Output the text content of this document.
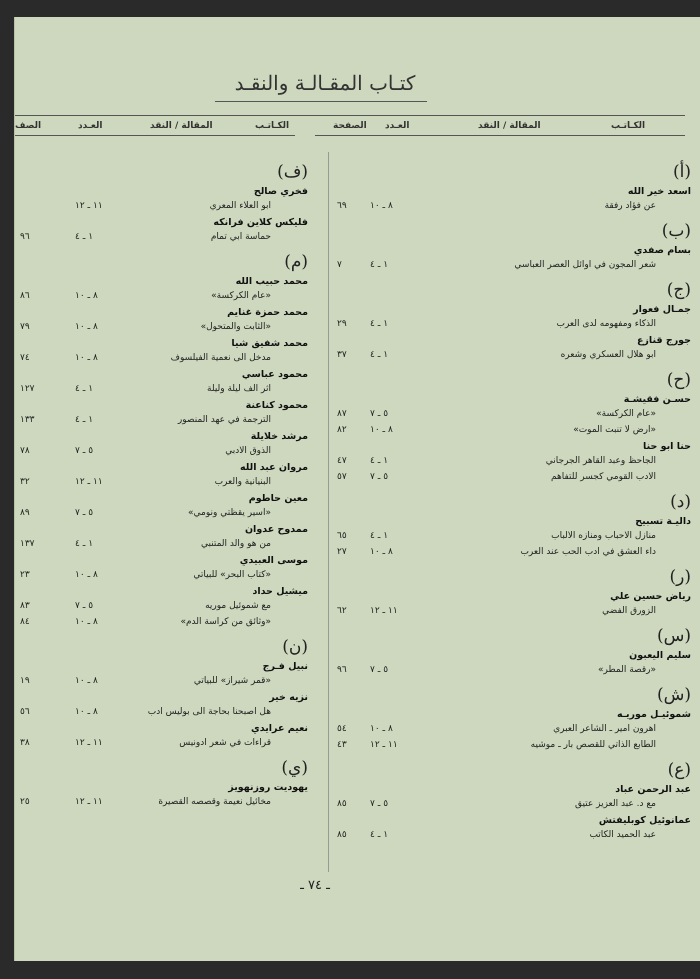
كتـاب المقـالـة والنقـد
الكـاتـب
المقالة / النقد
العـدد
الصفحة
الكـاتـب
المقالة / النقد
العـدد
الصف
(أ)
اسعد خير الله
عن فؤاد رفقة
٨ ـ ١٠
٦٩
(ب)
بسام صفدي
شعر المجون في اوائل العصر العباسي
١ ـ ٤
٧
(ج)
جمـال فعوار
الذكاء ومفهومه لدى العرب
١ ـ ٤
٢٩
جورج قنازع
ابو هلال العسكري وشعره
١ ـ ٤
٣٧
(ح)
حسـن فقيشـة
«عام الكركسة»
٥ ـ ٧
٨٧
«ارض لا تنبت الموت»
٨ ـ ١٠
٨٢
حنا ابو حنا
الجاحظ وعبد القاهر الجرجاني
١ ـ ٤
٤٧
الادب القومي كجسر للتفاهم
٥ ـ ٧
٥٧
(د)
داليـة تسبيح
منازل الاحباب ومنازه الالباب
١ ـ ٤
٦٥
داء العشق في ادب الحب عند العرب
٨ ـ ١٠
٢٧
(ر)
رياض حسين علي
الزورق الفضي
١١ ـ ١٢
٦٢
(س)
سليم اليعبون
«رقصة المطر»
٥ ـ ٧
٩٦
(ش)
شموئيـل موريـه
اهرون امير ـ الشاعر العبري
٨ ـ ١٠
٥٤
الطابع الذاتي للقصص بار ـ موشيه
١١ ـ ١٢
٤٣
(ع)
عبد الرحمن عباد
مع د. عبد العزيز عتيق
٥ ـ ٧
٨٥
عمانوئيل كوبليفتش
عبد الحميد الكاتب
١ ـ ٤
٨٥
(ف)
فخري صالح
ابو العلاء المعري
١١ ـ ١٢
فليكس كلاين فرانكه
حماسة ابي تمام
١ ـ ٤
٩٦
(م)
محمد حبيب الله
«عام الكركسة»
٨ ـ ١٠
٨٦
محمد حمزة غنايم
«الثابت والمتحول»
٨ ـ ١٠
٧٩
محمد شفيق شيا
مدخل الى نعمية الفيلسوف
٨ ـ ١٠
٧٤
محمود عباسي
اثر الف ليلة وليلة
١ ـ ٤
١٢٧
محمود كناعنة
الترجمة في عهد المنصور
١ ـ ٤
١٣٣
مرشد خلايلة
الذوق الادبي
٥ ـ ٧
٧٨
مروان عبد الله
البنيانية والعرب
١١ ـ ١٢
٣٢
معين حاطوم
«اسير يقظتي ونومي»
٥ ـ ٧
٨٩
ممدوح عدوان
من هو والد المتنبي
١ ـ ٤
١٣٧
موسى العبيدي
«كتاب البحر» للبياتي
٨ ـ ١٠
٢٣
ميشيل حداد
مع شموئيل موريه
٥ ـ ٧
٨٣
«وثائق من كراسة الدم»
٨ ـ ١٠
٨٤
(ن)
نبيل فـرج
«قمر شيراز» للبياتي
٨ ـ ١٠
١٩
نزيه خير
هل اصبحنا بحاجة الى بوليس ادب
٨ ـ ١٠
٥٦
نعيم عرايدي
قراءات في شعر ادونيس
١١ ـ ١٢
٣٨
(ي)
يهوديت روزنهويز
مخائيل نعيمة وقصصه القصيرة
١١ ـ ١٢
٢٥
ـ ٧٤ ـ
